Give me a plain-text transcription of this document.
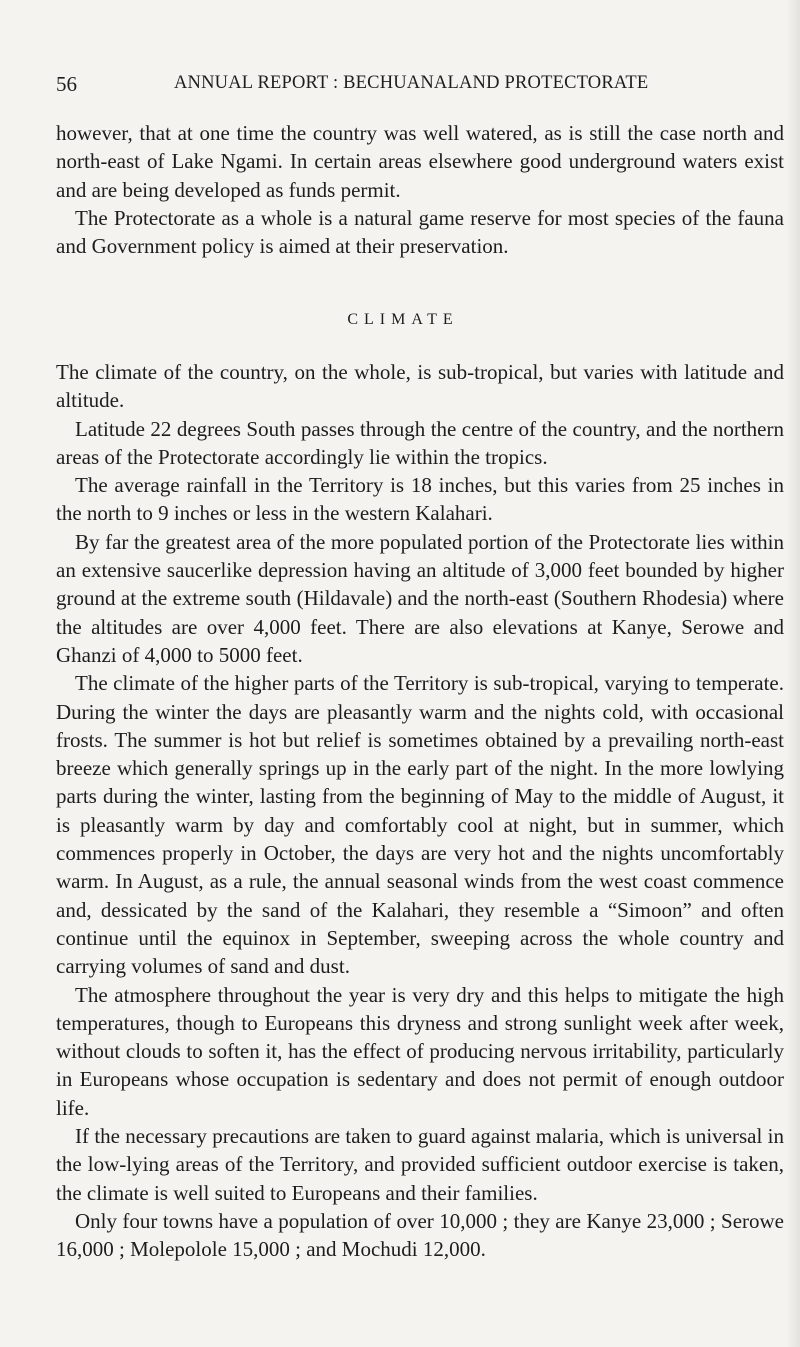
56	ANNUAL REPORT : BECHUANALAND PROTECTORATE

however, that at one time the country was well watered, as is still the case north and north-east of Lake Ngami. In certain areas elsewhere good underground waters exist and are being developed as funds permit.

The Protectorate as a whole is a natural game reserve for most species of the fauna and Government policy is aimed at their preservation.

CLIMATE

The climate of the country, on the whole, is sub-tropical, but varies with latitude and altitude.

Latitude 22 degrees South passes through the centre of the country, and the northern areas of the Protectorate accordingly lie within the tropics.

The average rainfall in the Territory is 18 inches, but this varies from 25 inches in the north to 9 inches or less in the western Kalahari.

By far the greatest area of the more populated portion of the Protectorate lies within an extensive saucerlike depression having an altitude of 3,000 feet bounded by higher ground at the extreme south (Hildavale) and the north-east (Southern Rhodesia) where the altitudes are over 4,000 feet. There are also elevations at Kanye, Serowe and Ghanzi of 4,000 to 5000 feet.

The climate of the higher parts of the Territory is sub-tropical, varying to temperate. During the winter the days are pleasantly warm and the nights cold, with occasional frosts. The summer is hot but relief is sometimes obtained by a prevailing north-east breeze which generally springs up in the early part of the night. In the more lowlying parts during the winter, lasting from the beginning of May to the middle of August, it is pleasantly warm by day and comfortably cool at night, but in summer, which commences properly in October, the days are very hot and the nights uncomfortably warm. In August, as a rule, the annual seasonal winds from the west coast commence and, dessicated by the sand of the Kalahari, they resemble a “Simoon” and often continue until the equinox in September, sweeping across the whole country and carrying volumes of sand and dust.

The atmosphere throughout the year is very dry and this helps to mitigate the high temperatures, though to Europeans this dryness and strong sunlight week after week, without clouds to soften it, has the effect of producing nervous irritability, particularly in Europeans whose occupation is sedentary and does not permit of enough outdoor life.

If the necessary precautions are taken to guard against malaria, which is universal in the low-lying areas of the Territory, and provided sufficient outdoor exercise is taken, the climate is well suited to Europeans and their families.

Only four towns have a population of over 10,000 ; they are Kanye 23,000 ; Serowe 16,000 ; Molepolole 15,000 ; and Mochudi 12,000.
